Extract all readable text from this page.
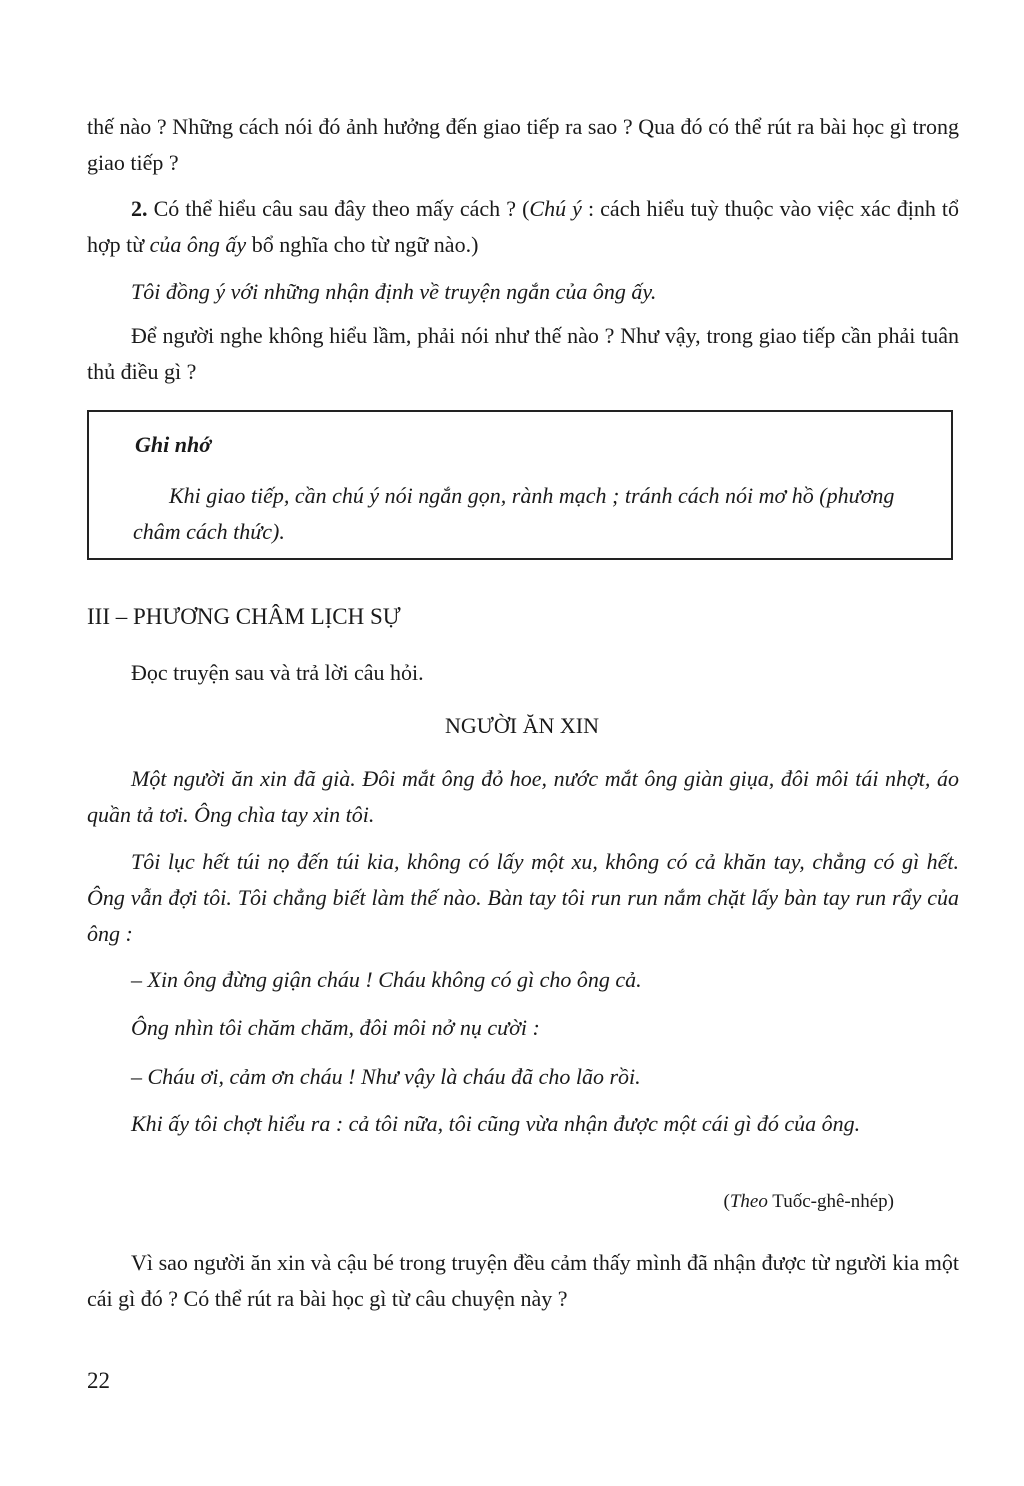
thế nào ? Những cách nói đó ảnh hưởng đến giao tiếp ra sao ? Qua đó có thể rút ra bài học gì trong giao tiếp ?

2. Có thể hiểu câu sau đây theo mấy cách ? (Chú ý : cách hiểu tuỳ thuộc vào việc xác định tổ hợp từ của ông ấy bổ nghĩa cho từ ngữ nào.)

Tôi đồng ý với những nhận định về truyện ngắn của ông ấy.

Để người nghe không hiểu lầm, phải nói như thế nào ? Như vậy, trong giao tiếp cần phải tuân thủ điều gì ?

Ghi nhớ

Khi giao tiếp, cần chú ý nói ngắn gọn, rành mạch ; tránh cách nói mơ hồ (phương châm cách thức).

III – PHƯƠNG CHÂM LỊCH SỰ

Đọc truyện sau và trả lời câu hỏi.

NGƯỜI ĂN XIN

Một người ăn xin đã già. Đôi mắt ông đỏ hoe, nước mắt ông giàn giụa, đôi môi tái nhợt, áo quần tả tơi. Ông chìa tay xin tôi.

Tôi lục hết túi nọ đến túi kia, không có lấy một xu, không có cả khăn tay, chẳng có gì hết. Ông vẫn đợi tôi. Tôi chẳng biết làm thế nào. Bàn tay tôi run run nắm chặt lấy bàn tay run rẩy của ông :

– Xin ông đừng giận cháu ! Cháu không có gì cho ông cả.

Ông nhìn tôi chăm chăm, đôi môi nở nụ cười :

– Cháu ơi, cảm ơn cháu ! Như vậy là cháu đã cho lão rồi.

Khi ấy tôi chợt hiểu ra : cả tôi nữa, tôi cũng vừa nhận được một cái gì đó của ông.

(Theo Tuốc-ghê-nhép)

Vì sao người ăn xin và cậu bé trong truyện đều cảm thấy mình đã nhận được từ người kia một cái gì đó ? Có thể rút ra bài học gì từ câu chuyện này ?

22
